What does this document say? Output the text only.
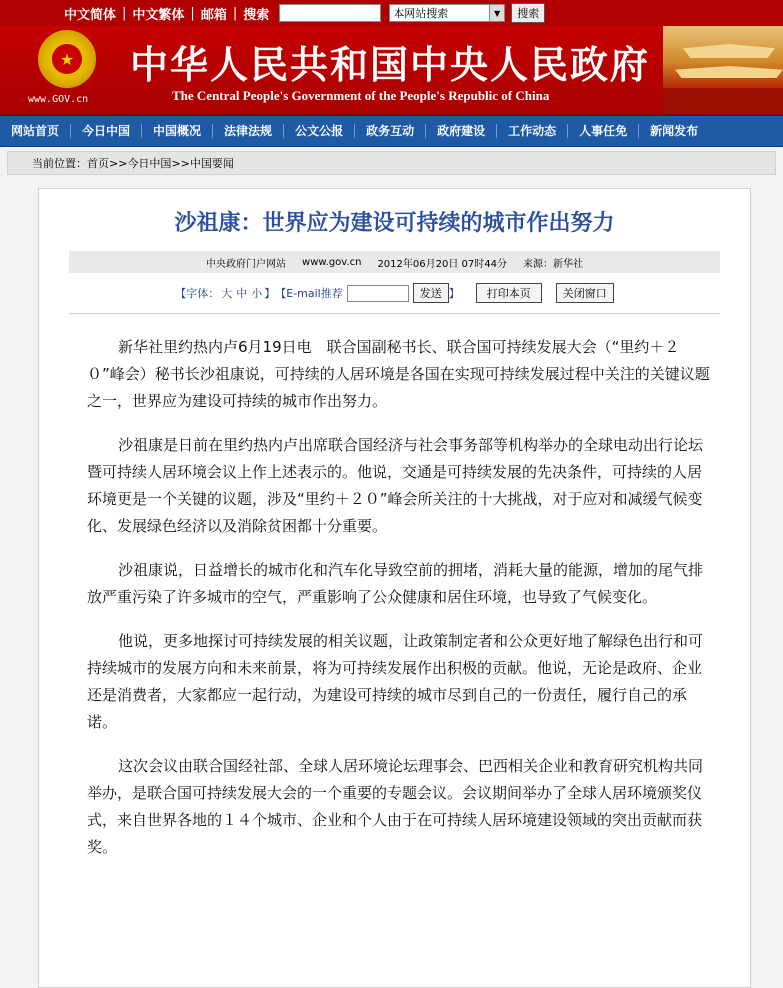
中文简体 | 中文繁体 | 邮箱 | 搜索	本网站搜索	▼	搜索
★
www.GOV.cn
中华人民共和国中央人民政府
The Central People's Government of the People's Republic of China
网站首页	今日中国	中国概况	法律法规	公文公报	政务互动	政府建设	工作动态	人事任免	新闻发布
当前位置： 首页 >> 今日中国 >> 中国要闻
沙祖康：世界应为建设可持续的城市作出努力
中央政府门户网站 www.gov.cn 2012年06月20日 07时44分 来源：新华社
【字体： 大 中 小 】 【E-mail推荐	发送 】	打印本页	关闭窗口

新华社里约热内卢6月19日电　联合国副秘书长、联合国可持续发展大会（“里约＋２０”峰会）秘书长沙祖康说，可持续的人居环境是各国在实现可持续发展过程中关注的关键议题之一，世界应为建设可持续的城市作出努力。

沙祖康是日前在里约热内卢出席联合国经济与社会事务部等机构举办的全球电动出行论坛暨可持续人居环境会议上作上述表示的。他说，交通是可持续发展的先决条件，可持续的人居环境更是一个关键的议题，涉及“里约＋２０”峰会所关注的十大挑战，对于应对和减缓气候变化、发展绿色经济以及消除贫困都十分重要。

沙祖康说，日益增长的城市化和汽车化导致空前的拥堵，消耗大量的能源，增加的尾气排放严重污染了许多城市的空气，严重影响了公众健康和居住环境，也导致了气候变化。

他说，更多地探讨可持续发展的相关议题，让政策制定者和公众更好地了解绿色出行和可持续城市的发展方向和未来前景，将为可持续发展作出积极的贡献。他说，无论是政府、企业还是消费者，大家都应一起行动，为建设可持续的城市尽到自己的一份责任，履行自己的承诺。

这次会议由联合国经社部、全球人居环境论坛理事会、巴西相关企业和教育研究机构共同举办，是联合国可持续发展大会的一个重要的专题会议。会议期间举办了全球人居环境颁奖仪式，来自世界各地的１４个城市、企业和个人由于在可持续人居环境建设领域的突出贡献而获奖。
